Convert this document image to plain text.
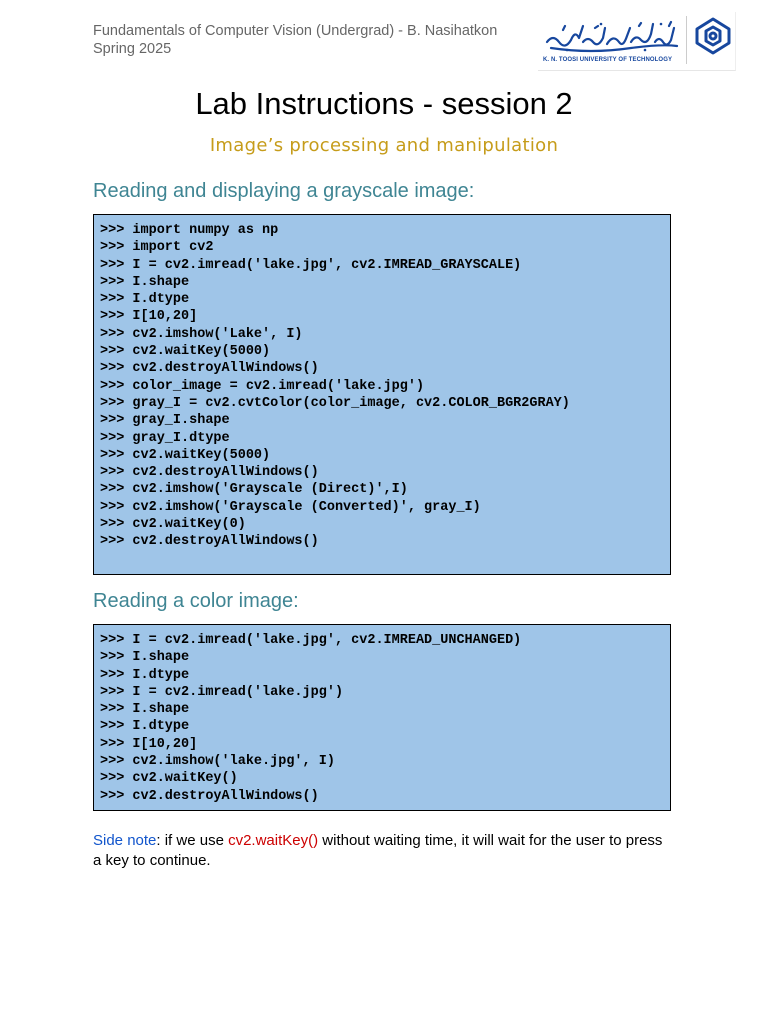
Fundamentals of Computer Vision (Undergrad) - B. Nasihatkon
Spring 2025
K. N. TOOSI UNIVERSITY OF TECHNOLOGY
Lab Instructions - session 2
Image’s processing and manipulation
Reading and displaying a grayscale image:
>>> import numpy as np
>>> import cv2
>>> I = cv2.imread('lake.jpg', cv2.IMREAD_GRAYSCALE)
>>> I.shape
>>> I.dtype
>>> I[10,20]
>>> cv2.imshow('Lake', I)
>>> cv2.waitKey(5000)
>>> cv2.destroyAllWindows()
>>> color_image = cv2.imread('lake.jpg')
>>> gray_I = cv2.cvtColor(color_image, cv2.COLOR_BGR2GRAY)
>>> gray_I.shape
>>> gray_I.dtype
>>> cv2.waitKey(5000)
>>> cv2.destroyAllWindows()
>>> cv2.imshow('Grayscale (Direct)',I)
>>> cv2.imshow('Grayscale (Converted)', gray_I)
>>> cv2.waitKey(0)
>>> cv2.destroyAllWindows()
Reading a color image:
>>> I = cv2.imread('lake.jpg', cv2.IMREAD_UNCHANGED)
>>> I.shape
>>> I.dtype
>>> I = cv2.imread('lake.jpg')
>>> I.shape
>>> I.dtype
>>> I[10,20]
>>> cv2.imshow('lake.jpg', I)
>>> cv2.waitKey()
>>> cv2.destroyAllWindows()
Side note: if we use cv2.waitKey() without waiting time, it will wait for the user to press a key to continue.
